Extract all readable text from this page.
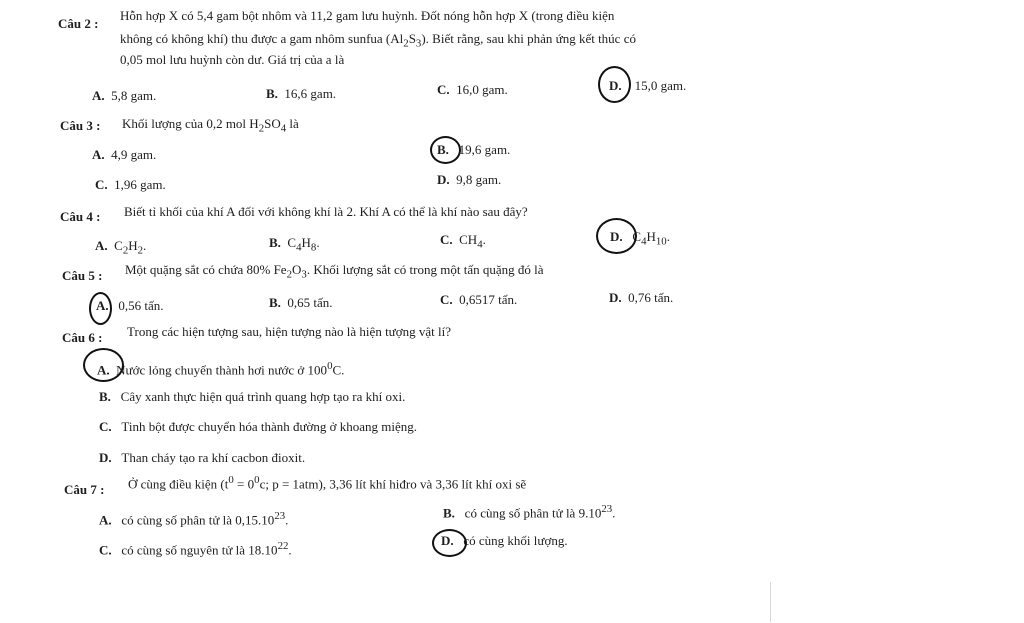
Câu 2 :
Hỗn hợp X có 5,4 gam bột nhôm và 11,2 gam lưu huỳnh. Đốt nóng hỗn hợp X (trong điều kiện
không có không khí) thu được a gam nhôm sunfua $(Al_2S_3)$. Biết rằng, sau khi phản ứng kết thúc có
0,05 mol lưu huỳnh còn dư. Giá trị của a là
A. 5,8 gam.	B. 16,6 gam.	C. 16,0 gam.	D. 15,0 gam.
Câu 3 : Khối lượng của 0,2 mol $H_2SO_4$ là
A. 4,9 gam.	B. 19,6 gam.
C. 1,96 gam.	D. 9,8 gam.
Câu 4 : Biết tỉ khối của khí A đối với không khí là 2. Khí A có thể là khí nào sau đây?
A. $C_2H_2$.	B. $C_4H_8$.	C. $CH_4$.	D. $C_4H_{10}$.
Câu 5 : Một quặng sắt có chứa 80% $Fe_2O_3$. Khối lượng sắt có trong một tấn quặng đó là
A. 0,56 tấn.	B. 0,65 tấn.	C. 0,6517 tấn.	D. 0,76 tấn.
Câu 6 : Trong các hiện tượng sau, hiện tượng nào là hiện tượng vật lí?
A. Nước lỏng chuyển thành hơi nước ở $100^0C$.
B. Cây xanh thực hiện quá trình quang hợp tạo ra khí oxi.
C. Tinh bột được chuyển hóa thành đường ở khoang miệng.
D. Than cháy tạo ra khí cacbon đioxit.
Câu 7 : Ở cùng điều kiện ($t^0 = 0^0c$; p = 1atm), 3,36 lít khí hiđro và 3,36 lít khí oxi sẽ
A. có cùng số phân tử là 0,15.10$^{23}$.	B. có cùng số phân tử là 9.10$^{23}$.
C. có cùng số nguyên tử là 18.10$^{22}$.
D. có cùng khối lượng.
